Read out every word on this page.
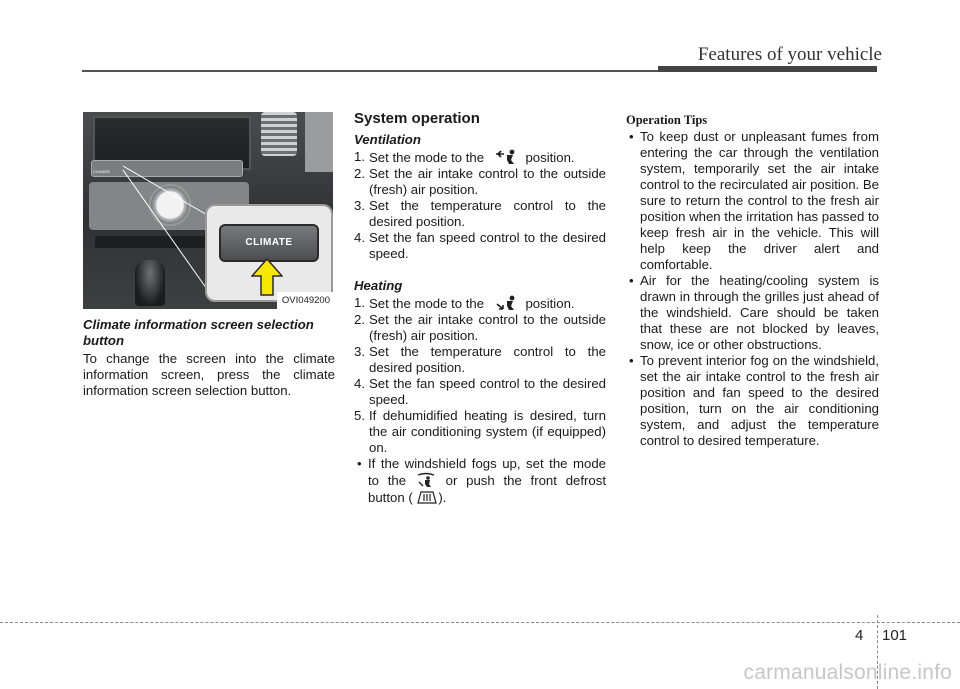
Features of your vehicle
CLIMATE
CLIMATE
OVI049200
Climate information screen selection button

To change the screen into the climate information screen, press the climate information screen selection button.

System operation
Ventilation
1. Set the mode to the	position.
2. Set the air intake control to the outside (fresh) air position.
3. Set the temperature control to the desired position.
4. Set the fan speed control to the desired speed.
Heating
1. Set the mode to the	position.
2. Set the air intake control to the outside (fresh) air position.
3. Set the temperature control to the desired position.
4. Set the fan speed control to the desired speed.
5. If dehumidified heating is desired, turn the air conditioning system (if equipped) on.
• If the windshield fogs up, set the mode to the	or push the front defrost button ( ).
Operation Tips
• To keep dust or unpleasant fumes from entering the car through the ventilation system, temporarily set the air intake control to the recirculated air position. Be sure to return the control to the fresh air position when the irritation has passed to keep fresh air in the vehicle. This will help keep the driver alert and comfortable.
• Air for the heating/cooling system is drawn in through the grilles just ahead of the windshield. Care should be taken that these are not blocked by leaves, snow, ice or other obstructions.
• To prevent interior fog on the windshield, set the air intake control to the fresh air position and fan speed to the desired position, turn on the air conditioning system, and adjust the temperature control to desired temperature.
4 101
carmanualsonline.info
